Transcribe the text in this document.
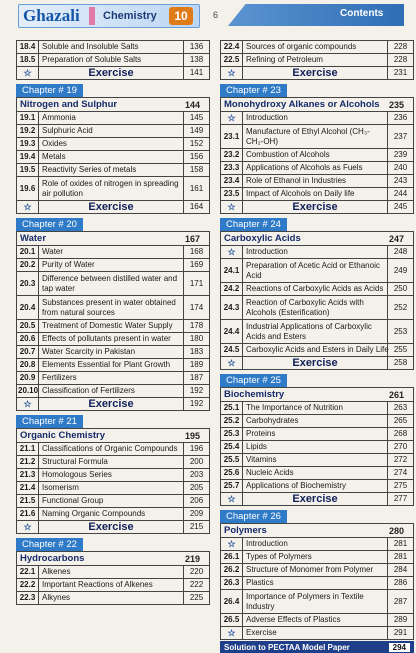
Ghazali Chemistry	10	6	Contents
18.4	Soluble and Insoluble Salts	136
18.5	Preparation of Soluble Salts	138
☆	Exercise	141
Chapter # 19
Nitrogen and Sulphur	144
19.1	Ammonia	145
19.2	Sulphuric Acid	149
19.3	Oxides	152
19.4	Metals	156
19.5	Reactivity Series of metals	158
19.6	Role of oxides of nitrogen in spreading air pollution	161
☆	Exercise	164
Chapter # 20
Water	167
20.1	Water	168
20.2	Purity of Water	169
20.3	Difference between distilled water and tap water	171
20.4	Substances present in water obtained from natural sources	174
20.5	Treatment of Domestic Water Supply	178
20.6	Effects of pollutants present in water	180
20.7	Water Scarcity in Pakistan	183
20.8	Elements Essential for Plant Growth	189
20.9	Fertilizers	187
20.10	Classification of Fertilizers	192
☆	Exercise	192
Chapter # 21
Organic Chemistry	195
21.1	Classifications of Organic Compounds	196
21.2	Structural Formula	200
21.3	Homologous Series	203
21.4	Isomerism	205
21.5	Functional Group	206
21.6	Naming Organic Compounds	209
☆	Exercise	215
Chapter # 22
Hydrocarbons	219
22.1	Alkenes	220
22.2	Important Reactions of Alkenes	222
22.3	Alkynes	225
22.4	Sources of organic compounds	228
22.5	Refining of Petroleum	228
☆	Exercise	231
Chapter # 23
Monohydroxy Alkanes or Alcohols 235
☆	Introduction	236
23.1	Manufacture of Ethyl Alcohol (CH₃-CH₂-OH)	237
23.2	Combustion of Alcohols	239
23.3	Applications of Alcohols as Fuels	240
23.4	Role of Ethanol in Industries	243
23.5	Impact of Alcohols on Daily life	244
☆	Exercise	245
Chapter # 24
Carboxylic Acids	247
☆	Introduction	248
24.1	Preparation of Acetic Acid or Ethanoic Acid	249
24.2	Reactions of Carboxylic Acids as Acids	250
24.3	Reaction of Carboxylic Acids with Alcohols (Esterification)	252
24.4	Industrial Applications of Carboxylic Acids and Esters	253
24.5	Carboxylic Acids and Esters in Daily Life	255
☆	Exercise	258
Chapter # 25
Biochemistry	261
25.1	The Importance of Nutrition	263
25.2	Carbohydrates	265
25.3	Proteins	268
25.4	Lipids	270
25.5	Vitamins	272
25.6	Nucleic Acids	274
25.7	Applications of Biochemistry	275
☆	Exercise	277
Chapter # 26
Polymers	280
☆	Introduction	281
26.1	Types of Polymers	281
26.2	Structure of Monomer from Polymer	284
26.3	Plastics	286
26.4	Importance of Polymers in Textile Industry	287
26.5	Adverse Effects of Plastics	289
☆	Exercise	291
Solution to PECTAA Model Paper	294
